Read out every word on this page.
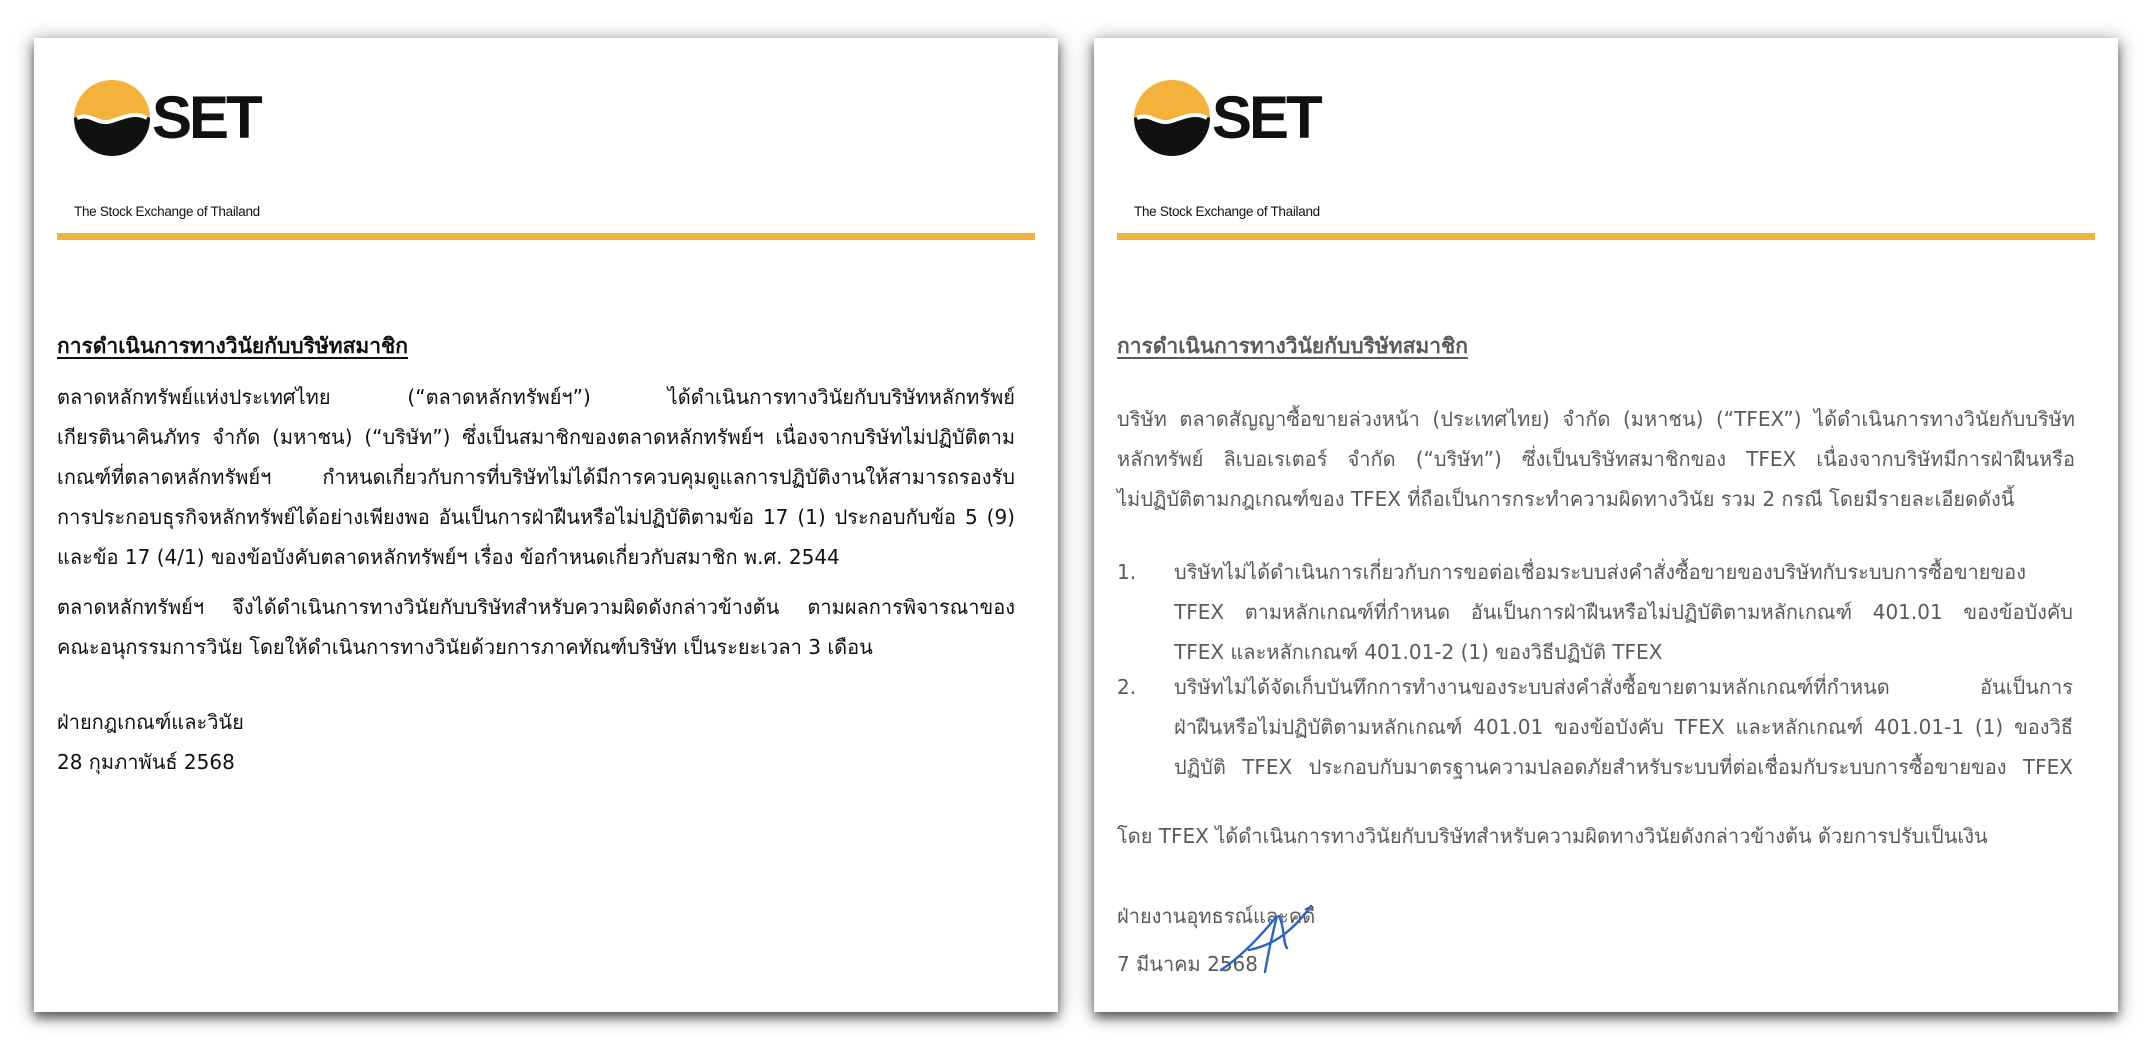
SET
The Stock Exchange of Thailand
การดำเนินการทางวินัยกับบริษัทสมาชิก
ตลาดหลักทรัพย์แห่งประเทศไทย (“ตลาดหลักทรัพย์ฯ”) ได้ดำเนินการทางวินัยกับบริษัทหลักทรัพย์
เกียรตินาคินภัทร จำกัด (มหาชน) (“บริษัท”) ซึ่งเป็นสมาชิกของตลาดหลักทรัพย์ฯ เนื่องจากบริษัทไม่ปฏิบัติตาม
เกณฑ์ที่ตลาดหลักทรัพย์ฯ กำหนดเกี่ยวกับการที่บริษัทไม่ได้มีการควบคุมดูแลการปฏิบัติงานให้สามารถรองรับ
การประกอบธุรกิจหลักทรัพย์ได้อย่างเพียงพอ อันเป็นการฝ่าฝืนหรือไม่ปฏิบัติตามข้อ 17 (1) ประกอบกับข้อ 5 (9)
และข้อ 17 (4/1) ของข้อบังคับตลาดหลักทรัพย์ฯ เรื่อง ข้อกำหนดเกี่ยวกับสมาชิก พ.ศ. 2544
ตลาดหลักทรัพย์ฯ จึงได้ดำเนินการทางวินัยกับบริษัทสำหรับความผิดดังกล่าวข้างต้น ตามผลการพิจารณาของ
คณะอนุกรรมการวินัย โดยให้ดำเนินการทางวินัยด้วยการภาคทัณฑ์บริษัท เป็นระยะเวลา 3 เดือน
ฝ่ายกฎเกณฑ์และวินัย
28 กุมภาพันธ์ 2568
SET
The Stock Exchange of Thailand
การดำเนินการทางวินัยกับบริษัทสมาชิก
บริษัท ตลาดสัญญาซื้อขายล่วงหน้า (ประเทศไทย) จำกัด (มหาชน) (“TFEX”) ได้ดำเนินการทางวินัยกับบริษัท
หลักทรัพย์ ลิเบอเรเตอร์ จำกัด (“บริษัท”) ซึ่งเป็นบริษัทสมาชิกของ TFEX เนื่องจากบริษัทมีการฝ่าฝืนหรือ
ไม่ปฏิบัติตามกฎเกณฑ์ของ TFEX ที่ถือเป็นการกระทำความผิดทางวินัย รวม 2 กรณี โดยมีรายละเอียดดังนี้
1.	บริษัทไม่ได้ดำเนินการเกี่ยวกับการขอต่อเชื่อมระบบส่งคำสั่งซื้อขายของบริษัทกับระบบการซื้อขายของ
TFEX ตามหลักเกณฑ์ที่กำหนด อันเป็นการฝ่าฝืนหรือไม่ปฏิบัติตามหลักเกณฑ์ 401.01 ของข้อบังคับ
TFEX และหลักเกณฑ์ 401.01-2 (1) ของวิธีปฏิบัติ TFEX
2.	บริษัทไม่ได้จัดเก็บบันทึกการทำงานของระบบส่งคำสั่งซื้อขายตามหลักเกณฑ์ที่กำหนด อันเป็นการ
ฝ่าฝืนหรือไม่ปฏิบัติตามหลักเกณฑ์ 401.01 ของข้อบังคับ TFEX และหลักเกณฑ์ 401.01-1 (1) ของวิธี
ปฏิบัติ TFEX ประกอบกับมาตรฐานความปลอดภัยสำหรับระบบที่ต่อเชื่อมกับระบบการซื้อขายของ TFEX
โดย TFEX ได้ดำเนินการทางวินัยกับบริษัทสำหรับความผิดทางวินัยดังกล่าวข้างต้น ด้วยการปรับเป็นเงิน
ฝ่ายงานอุทธรณ์และคดี
7 มีนาคม 2568
